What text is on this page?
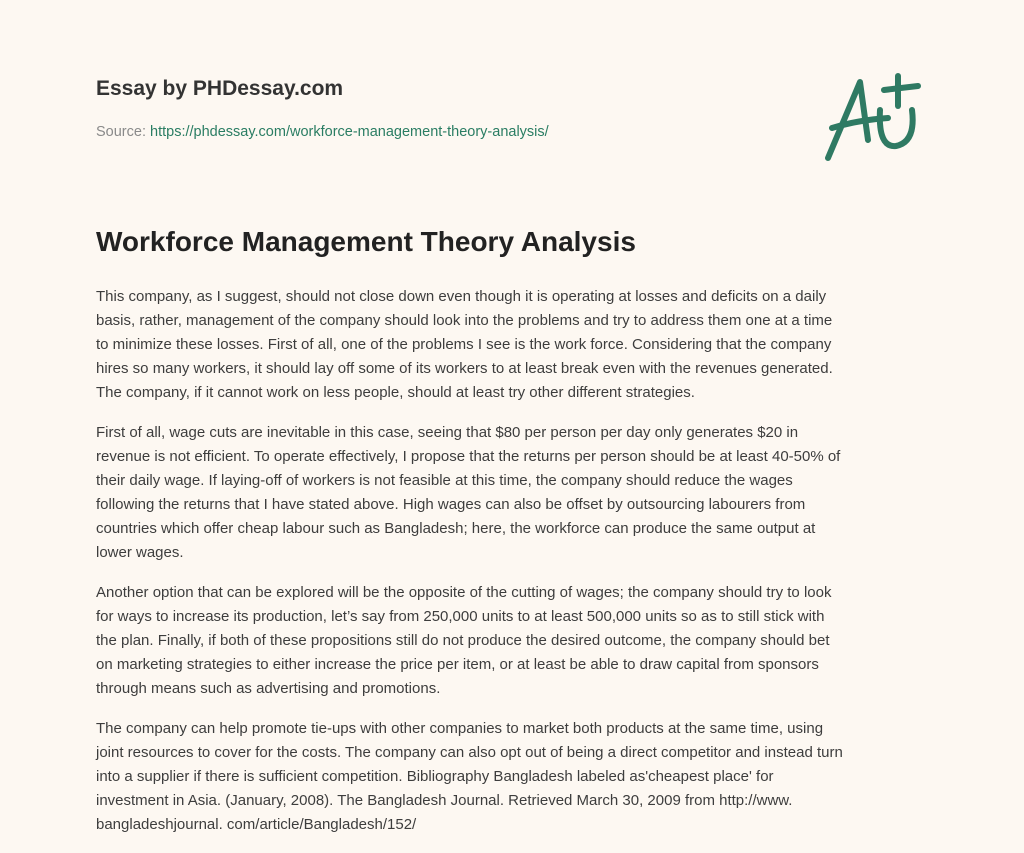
Essay by PHDessay.com
Source: https://phdessay.com/workforce-management-theory-analysis/
Workforce Management Theory Analysis

This company, as I suggest, should not close down even though it is operating at losses and deficits on a daily
basis, rather, management of the company should look into the problems and try to address them one at a time
to minimize these losses. First of all, one of the problems I see is the work force. Considering that the company
hires so many workers, it should lay off some of its workers to at least break even with the revenues generated.
The company, if it cannot work on less people, should at least try other different strategies.

First of all, wage cuts are inevitable in this case, seeing that $80 per person per day only generates $20 in
revenue is not efficient. To operate effectively, I propose that the returns per person should be at least 40-50% of
their daily wage. If laying-off of workers is not feasible at this time, the company should reduce the wages
following the returns that I have stated above. High wages can also be offset by outsourcing labourers from
countries which offer cheap labour such as Bangladesh; here, the workforce can produce the same output at
lower wages.

Another option that can be explored will be the opposite of the cutting of wages; the company should try to look
for ways to increase its production, let’s say from 250,000 units to at least 500,000 units so as to still stick with
the plan. Finally, if both of these propositions still do not produce the desired outcome, the company should bet
on marketing strategies to either increase the price per item, or at least be able to draw capital from sponsors
through means such as advertising and promotions.

The company can help promote tie-ups with other companies to market both products at the same time, using
joint resources to cover for the costs. The company can also opt out of being a direct competitor and instead turn
into a supplier if there is sufficient competition. Bibliography Bangladesh labeled as'cheapest place' for
investment in Asia. (January, 2008). The Bangladesh Journal. Retrieved March 30, 2009 from http://www.
bangladeshjournal. com/article/Bangladesh/152/
